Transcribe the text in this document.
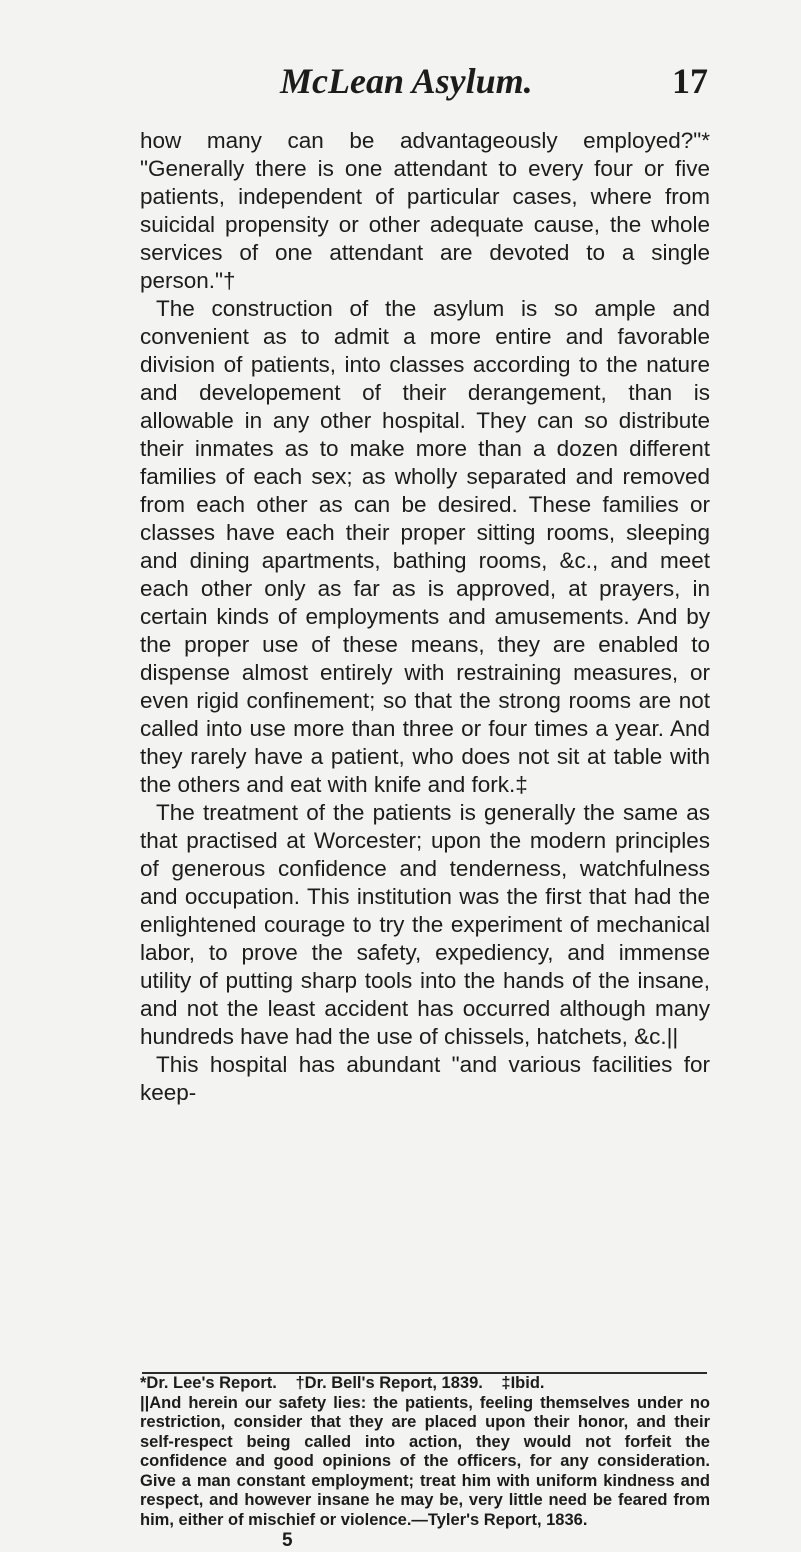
McLean Asylum.	17

how many can be advantageously employed?"* "Generally there is one attendant to every four or five patients, independent of particular cases, where from suicidal propensity or other adequate cause, the whole services of one attendant are devoted to a single person."†

The construction of the asylum is so ample and convenient as to admit a more entire and favorable division of patients, into classes according to the nature and developement of their derangement, than is allowable in any other hospital. They can so distribute their inmates as to make more than a dozen different families of each sex; as wholly separated and removed from each other as can be desired. These families or classes have each their proper sitting rooms, sleeping and dining apartments, bathing rooms, &c., and meet each other only as far as is approved, at prayers, in certain kinds of employments and amusements. And by the proper use of these means, they are enabled to dispense almost entirely with restraining measures, or even rigid confinement; so that the strong rooms are not called into use more than three or four times a year. And they rarely have a patient, who does not sit at table with the others and eat with knife and fork.‡

The treatment of the patients is generally the same as that practised at Worcester; upon the modern principles of generous confidence and tenderness, watchfulness and occupation. This institution was the first that had the enlightened courage to try the experiment of mechanical labor, to prove the safety, expediency, and immense utility of putting sharp tools into the hands of the insane, and not the least accident has occurred although many hundreds have had the use of chissels, hatchets, &c.||

This hospital has abundant "and various facilities for keep-

*Dr. Lee's Report. †Dr. Bell's Report, 1839. ‡Ibid.

||And herein our safety lies: the patients, feeling themselves under no restriction, consider that they are placed upon their honor, and their self-respect being called into action, they would not forfeit the confidence and good opinions of the officers, for any consideration. Give a man constant employment; treat him with uniform kindness and respect, and however insane he may be, very little need be feared from him, either of mischief or violence.—Tyler's Report, 1836.

5
